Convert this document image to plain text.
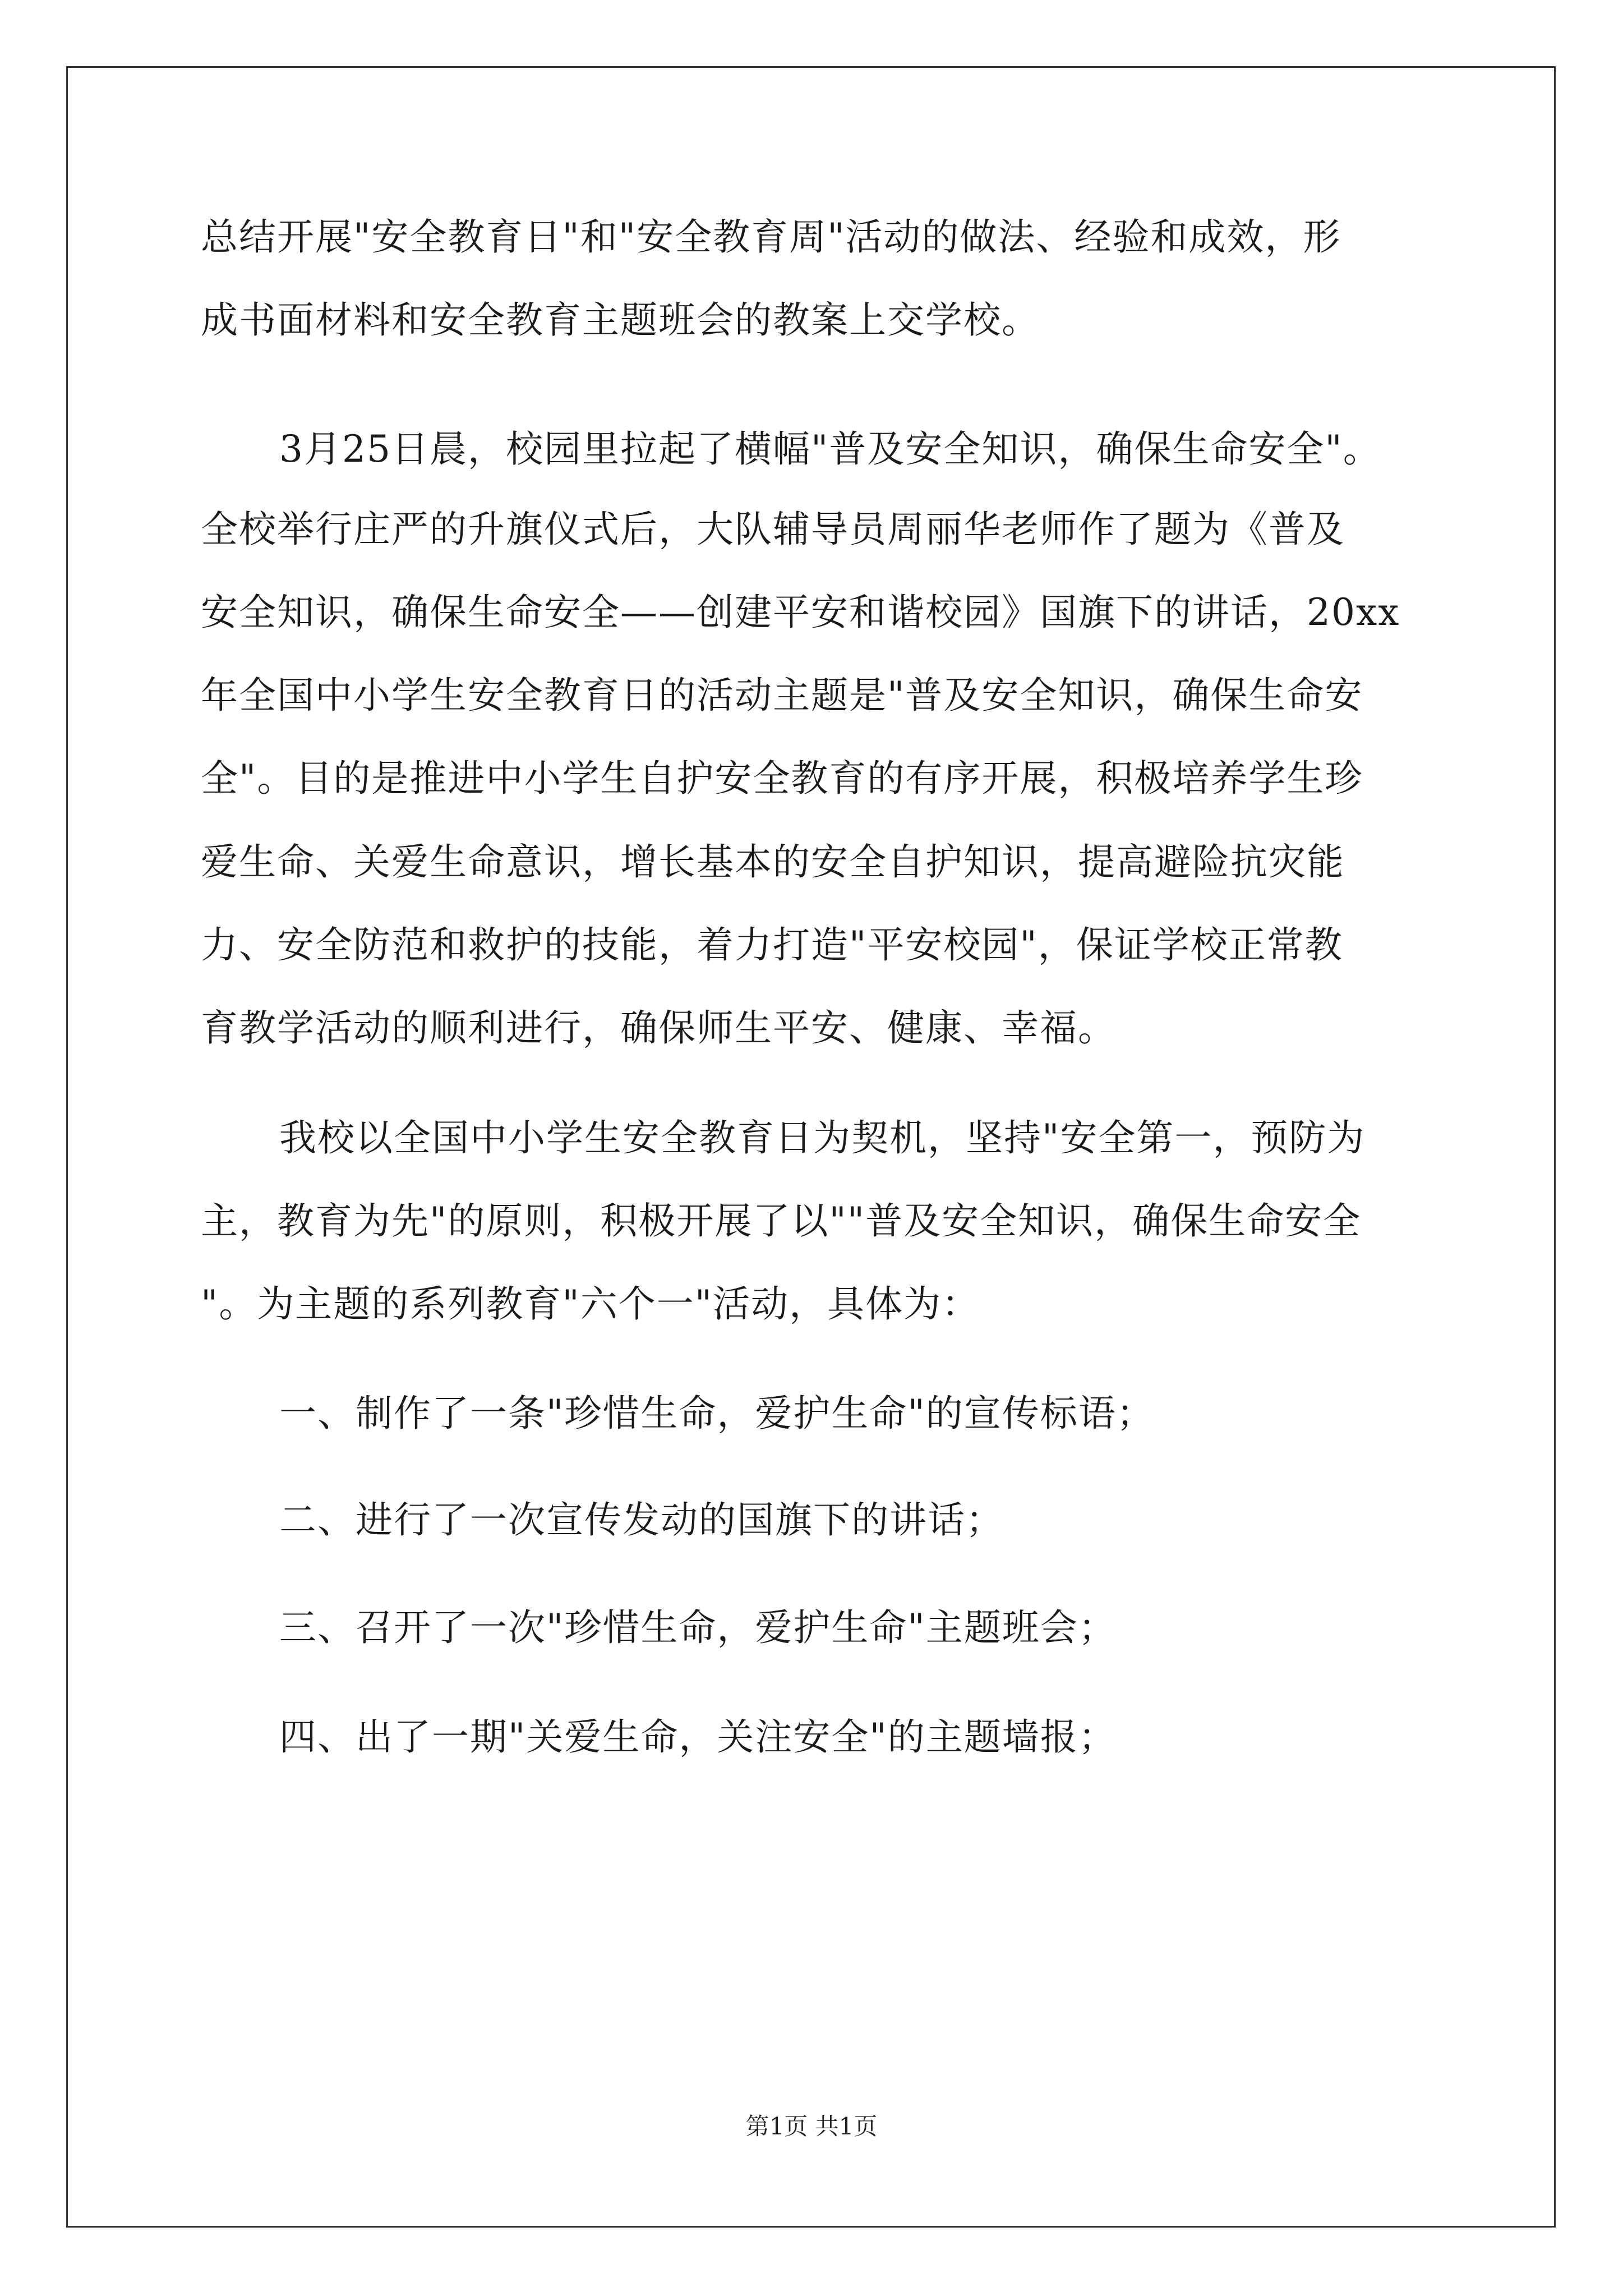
总结开展"安全教育日"和"安全教育周"活动的做法、经验和成效，形
成书面材料和安全教育主题班会的教案上交学校。
3月25日晨，校园里拉起了横幅"普及安全知识，确保生命安全"。
全校举行庄严的升旗仪式后，大队辅导员周丽华老师作了题为《普及
安全知识，确保生命安全——创建平安和谐校园》国旗下的讲话，20xx
年全国中小学生安全教育日的活动主题是"普及安全知识，确保生命安
全"。目的是推进中小学生自护安全教育的有序开展，积极培养学生珍
爱生命、关爱生命意识，增长基本的安全自护知识，提高避险抗灾能
力、安全防范和救护的技能，着力打造"平安校园"，保证学校正常教
育教学活动的顺利进行，确保师生平安、健康、幸福。
我校以全国中小学生安全教育日为契机，坚持"安全第一，预防为
主，教育为先"的原则，积极开展了以""普及安全知识，确保生命安全
"。为主题的系列教育"六个一"活动，具体为：
一、制作了一条"珍惜生命，爱护生命"的宣传标语；
二、进行了一次宣传发动的国旗下的讲话；
三、召开了一次"珍惜生命，爱护生命"主题班会；
四、出了一期"关爱生命，关注安全"的主题墙报；
第1页 共1页
